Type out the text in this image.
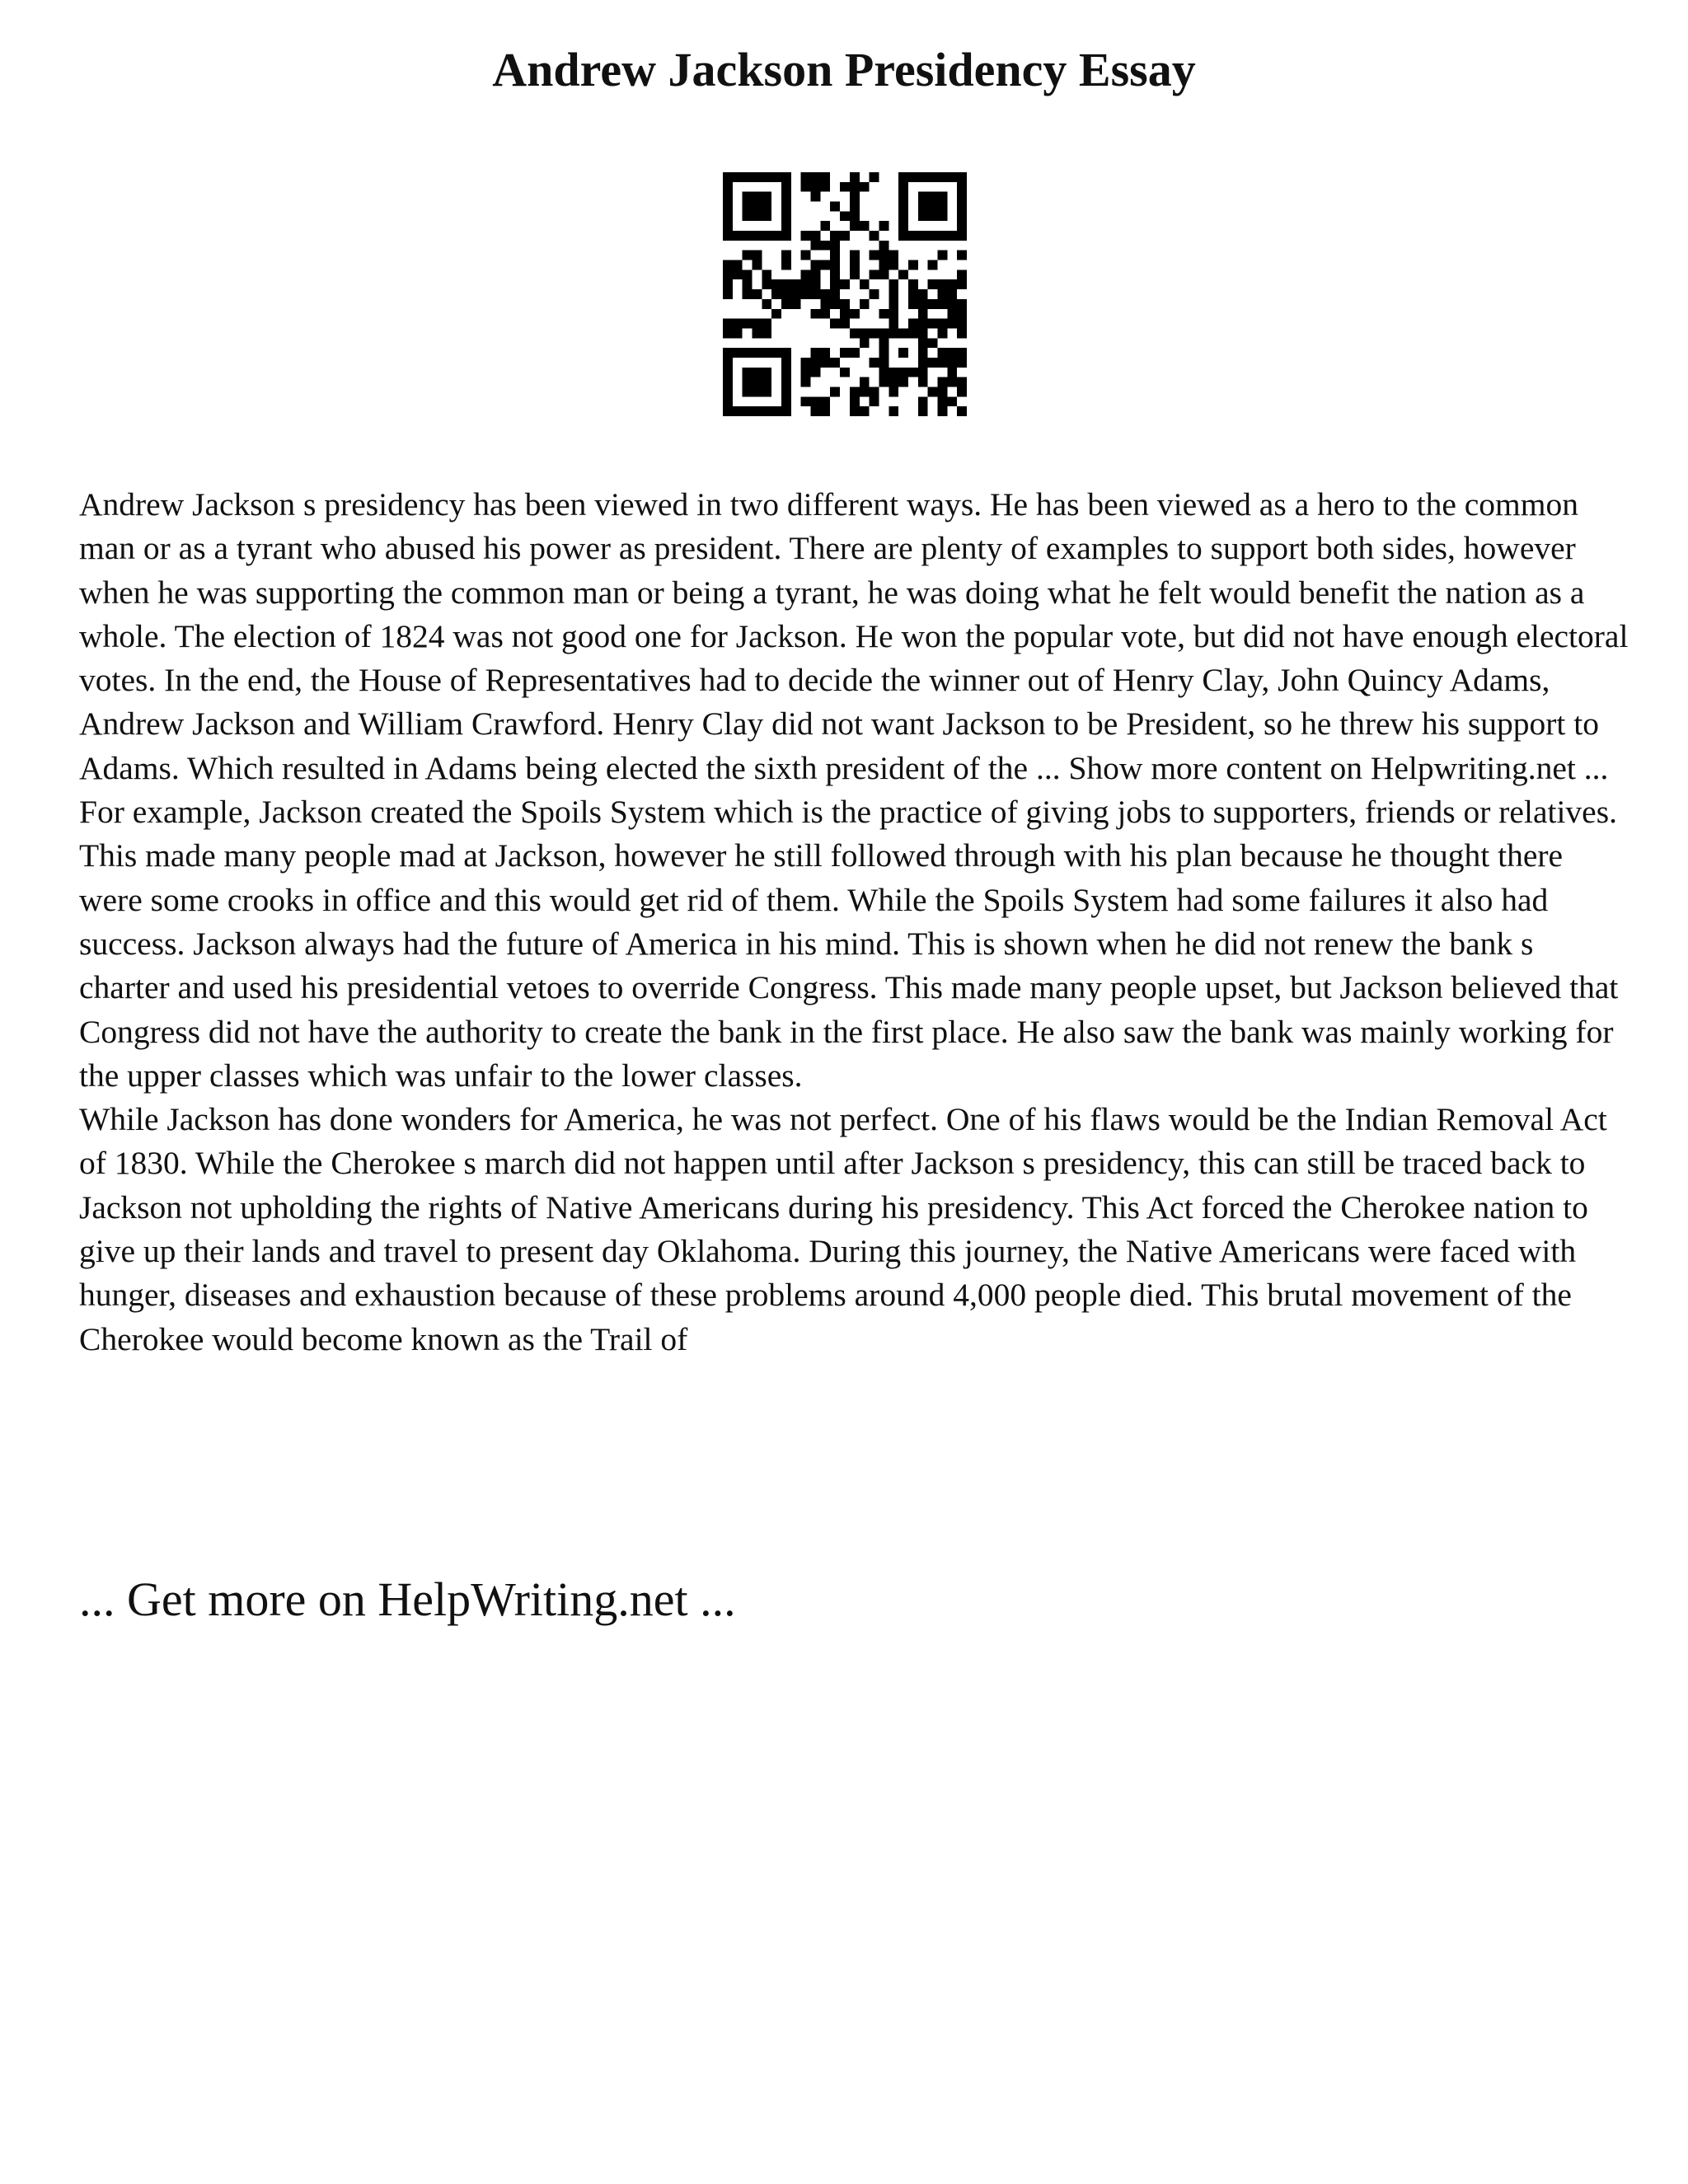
Andrew Jackson Presidency Essay

Andrew Jackson s presidency has been viewed in two different ways. He has been viewed as a hero to the common man or as a tyrant who abused his power as president. There are plenty of examples to support both sides, however when he was supporting the common man or being a tyrant, he was doing what he felt would benefit the nation as a whole. The election of 1824 was not good one for Jackson. He won the popular vote, but did not have enough electoral votes. In the end, the House of Representatives had to decide the winner out of Henry Clay, John Quincy Adams, Andrew Jackson and William Crawford. Henry Clay did not want Jackson to be President, so he threw his support to Adams. Which resulted in Adams being elected the sixth president of the ... Show more content on Helpwriting.net ...

For example, Jackson created the Spoils System which is the practice of giving jobs to supporters, friends or relatives. This made many people mad at Jackson, however he still followed through with his plan because he thought there were some crooks in office and this would get rid of them. While the Spoils System had some failures it also had success. Jackson always had the future of America in his mind. This is shown when he did not renew the bank s charter and used his presidential vetoes to override Congress. This made many people upset, but Jackson believed that Congress did not have the authority to create the bank in the first place. He also saw the bank was mainly working for the upper classes which was unfair to the lower classes.

While Jackson has done wonders for America, he was not perfect. One of his flaws would be the Indian Removal Act of 1830. While the Cherokee s march did not happen until after Jackson s presidency, this can still be traced back to Jackson not upholding the rights of Native Americans during his presidency. This Act forced the Cherokee nation to give up their lands and travel to present day Oklahoma. During this journey, the Native Americans were faced with hunger, diseases and exhaustion because of these problems around 4,000 people died. This brutal movement of the Cherokee would become known as the Trail of

... Get more on HelpWriting.net ...
